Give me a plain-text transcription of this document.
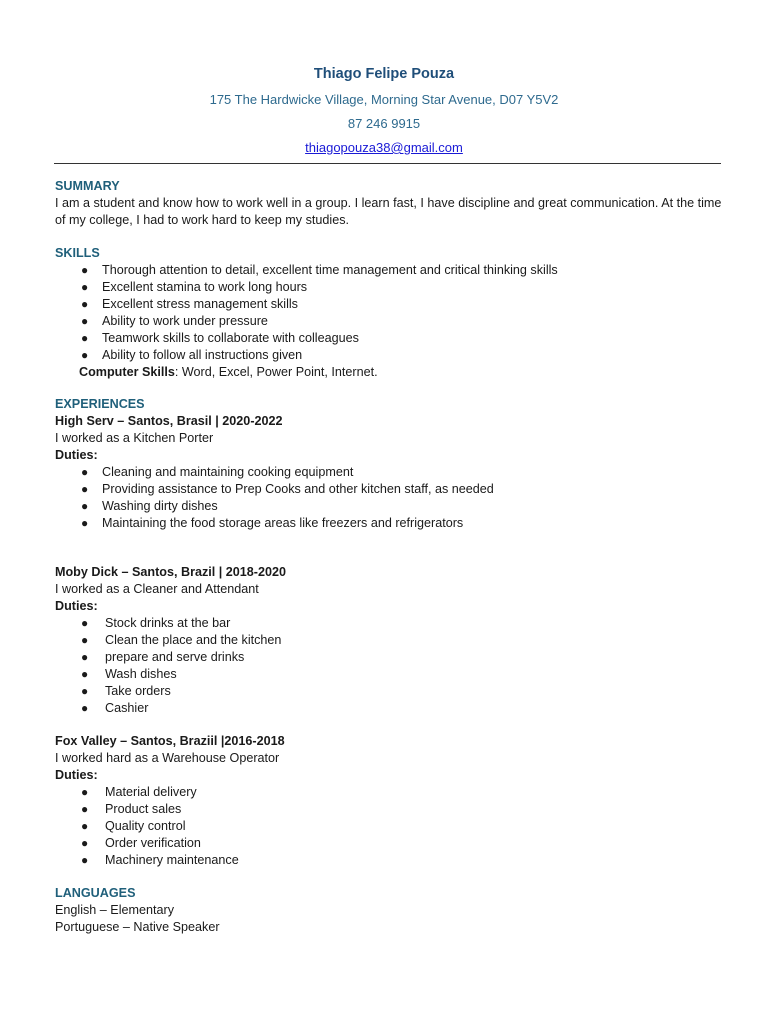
Thiago Felipe Pouza
175 The Hardwicke Village, Morning Star Avenue, D07 Y5V2
87 246 9915
thiagopouza38@gmail.com
SUMMARY

I am a student and know how to work well in a group. I learn fast, I have discipline and great communication. At the time of my college, I had to work hard to keep my studies.

SKILLS
● Thorough attention to detail, excellent time management and critical thinking skills
● Excellent stamina to work long hours
● Excellent stress management skills
● Ability to work under pressure
● Teamwork skills to collaborate with colleagues
● Ability to follow all instructions given

Computer Skills: Word, Excel, Power Point, Internet.

EXPERIENCES

High Serv – Santos, Brasil | 2020-2022

I worked as a Kitchen Porter

Duties:

● Cleaning and maintaining cooking equipment
● Providing assistance to Prep Cooks and other kitchen staff, as needed
● Washing dirty dishes
● Maintaining the food storage areas like freezers and refrigerators

Moby Dick – Santos, Brazil | 2018-2020

I worked as a Cleaner and Attendant

Duties:

● Stock drinks at the bar
● Clean the place and the kitchen
● prepare and serve drinks
● Wash dishes
● Take orders
● Cashier

Fox Valley – Santos, Braziil |2016-2018

I worked hard as a Warehouse Operator

Duties:

● Material delivery
● Product sales
● Quality control
● Order verification
● Machinery maintenance
LANGUAGES

English – Elementary

Portuguese – Native Speaker
